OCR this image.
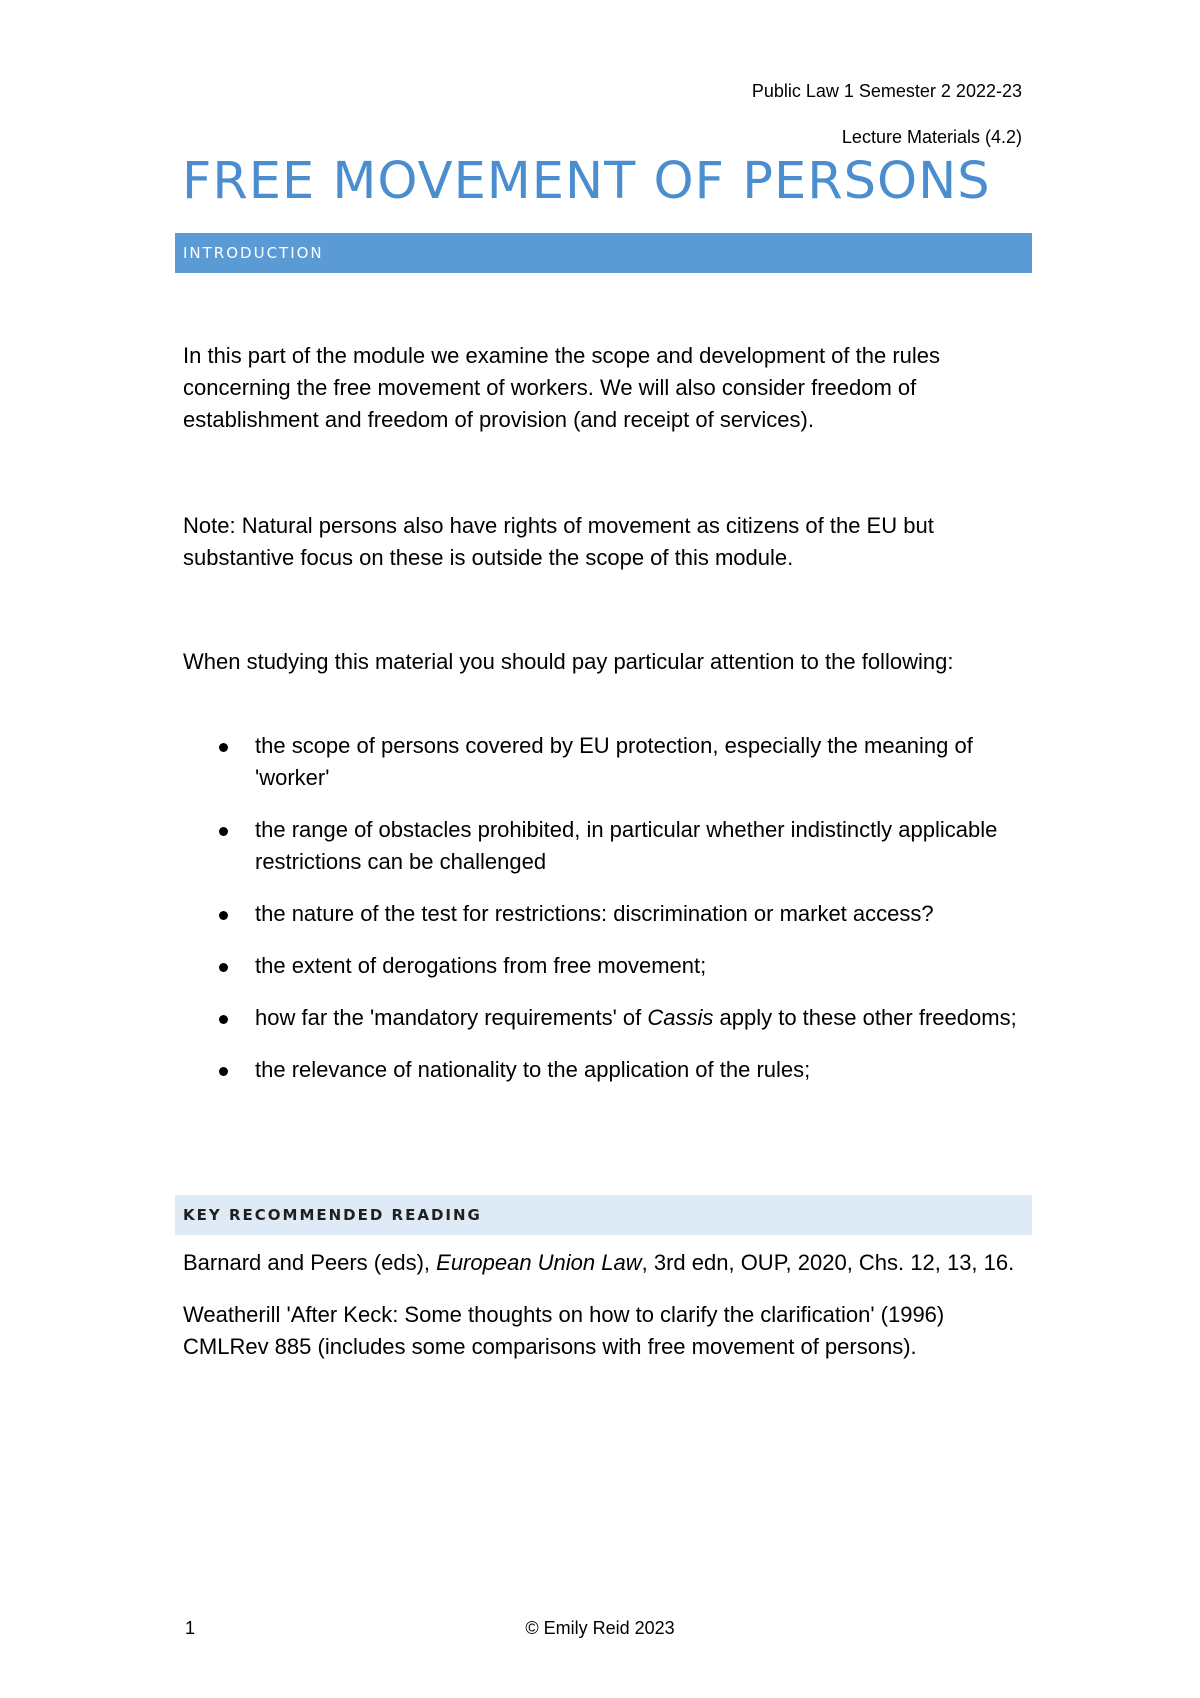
Public Law 1 Semester 2 2022-23
Lecture Materials (4.2)
FREE MOVEMENT OF PERSONS
INTRODUCTION

In this part of the module we examine the scope and development of the rules concerning the free movement of workers. We will also consider freedom of establishment and freedom of provision (and receipt of services).

Note: Natural persons also have rights of movement as citizens of the EU but substantive focus on these is outside the scope of this module.

When studying this material you should pay particular attention to the following:

the scope of persons covered by EU protection, especially the meaning of 'worker'
the range of obstacles prohibited, in particular whether indistinctly applicable restrictions can be challenged
the nature of the test for restrictions: discrimination or market access?
the extent of derogations from free movement;
how far the 'mandatory requirements' of Cassis apply to these other freedoms;
the relevance of nationality to the application of the rules;
KEY RECOMMENDED READING

Barnard and Peers (eds), European Union Law, 3rd edn, OUP, 2020, Chs. 12, 13, 16.

Weatherill 'After Keck: Some thoughts on how to clarify the clarification' (1996) CMLRev 885 (includes some comparisons with free movement of persons).

1	© Emily Reid 2023
